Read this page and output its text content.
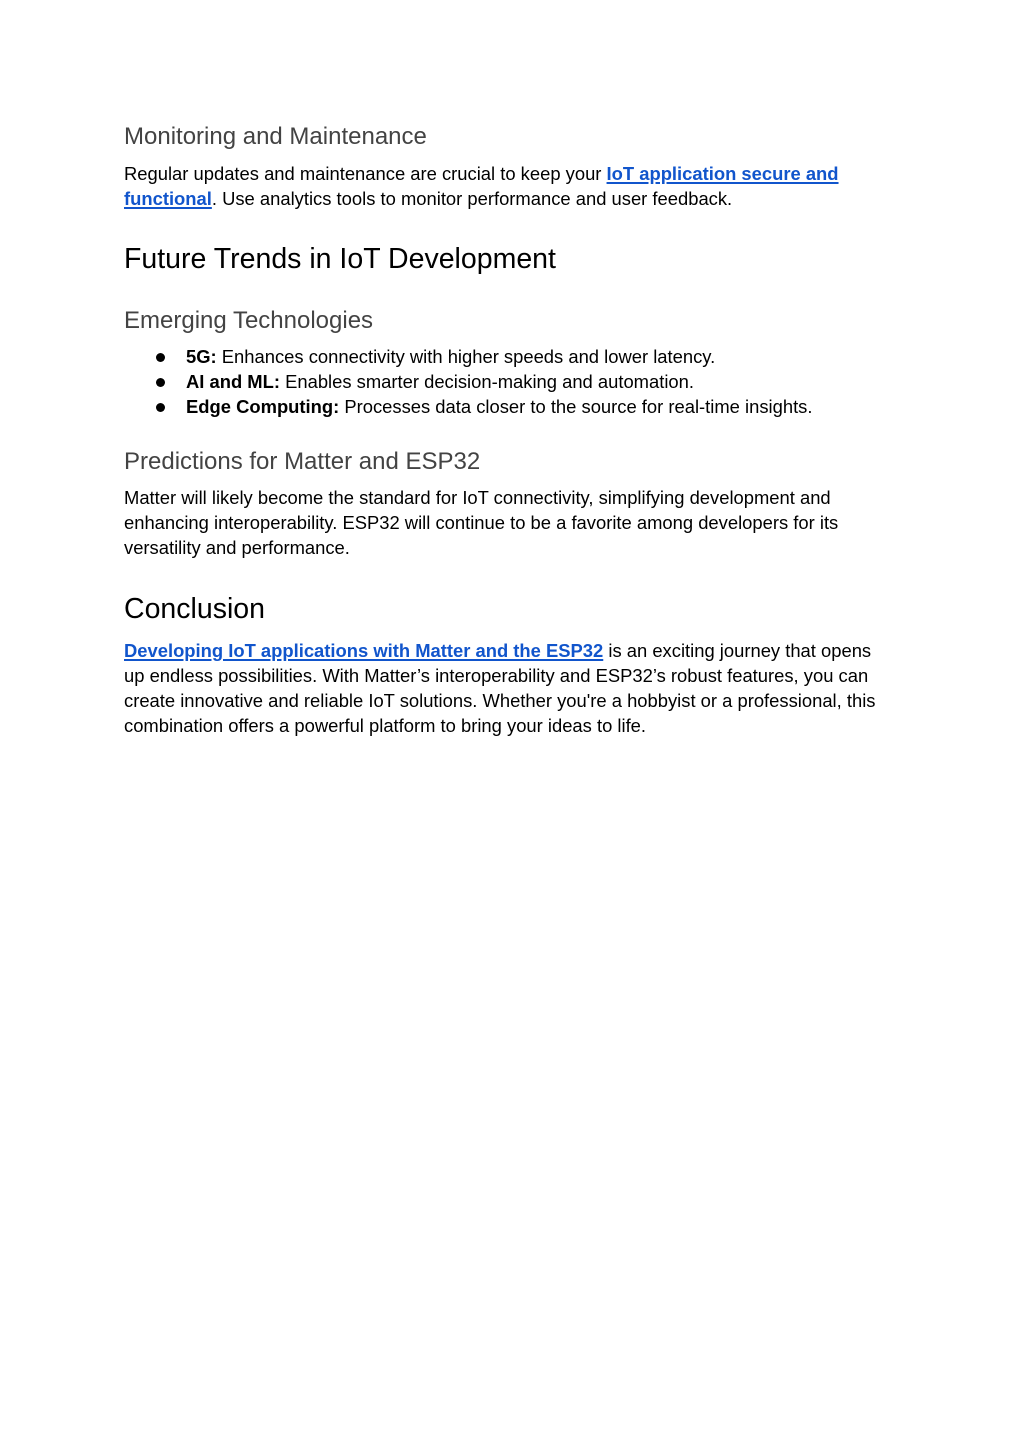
Monitoring and Maintenance

Regular updates and maintenance are crucial to keep your IoT application secure and
functional. Use analytics tools to monitor performance and user feedback.

Future Trends in IoT Development
Emerging Technologies
5G: Enhances connectivity with higher speeds and lower latency.
AI and ML: Enables smarter decision-making and automation.
Edge Computing: Processes data closer to the source for real-time insights.
Predictions for Matter and ESP32

Matter will likely become the standard for IoT connectivity, simplifying development and
enhancing interoperability. ESP32 will continue to be a favorite among developers for its
versatility and performance.

Conclusion

Developing IoT applications with Matter and the ESP32 is an exciting journey that opens
up endless possibilities. With Matter’s interoperability and ESP32’s robust features, you can
create innovative and reliable IoT solutions. Whether you're a hobbyist or a professional, this
combination offers a powerful platform to bring your ideas to life.
